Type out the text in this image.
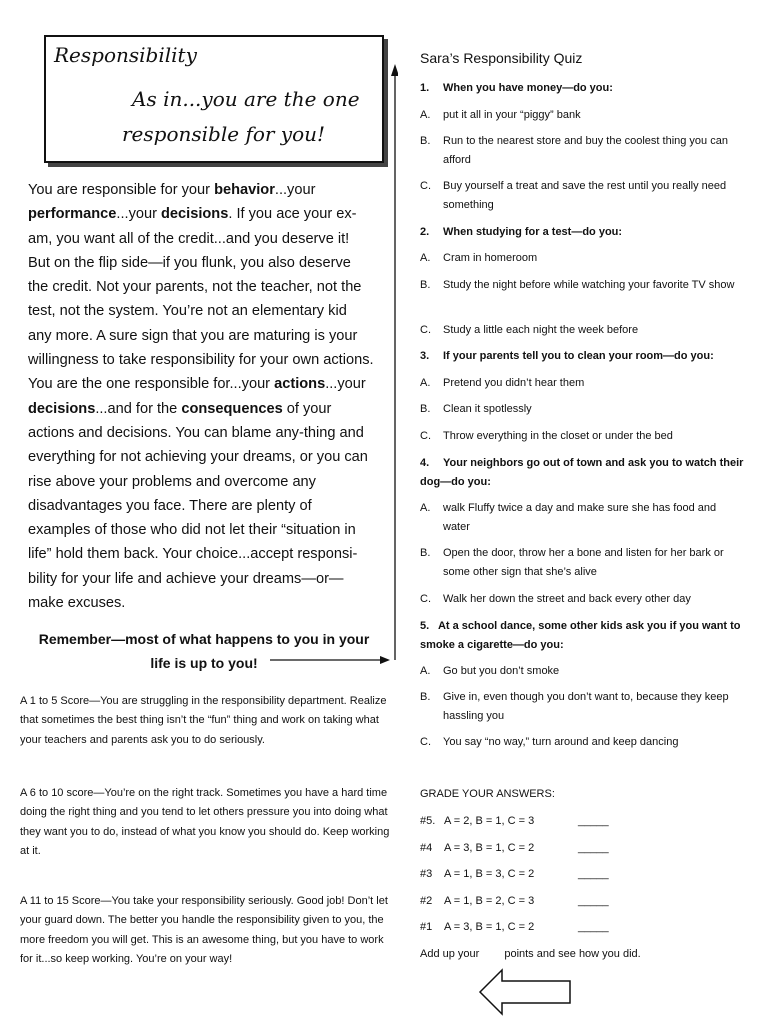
Responsibility
As in...you are the one
responsible for you!

You are responsible for your behavior...your performance...your decisions. If you ace your ex-am, you want all of the credit...and you deserve it! But on the flip side—if you flunk, you also deserve the credit. Not your parents, not the teacher, not the test, not the system. You’re not an elementary kid any more. A sure sign that you are maturing is your willingness to take responsibility for your own actions. You are the one responsible for...your actions...your decisions...and for the consequences of your actions and decisions. You can blame any-thing and everything for not achieving your dreams, or you can rise above your problems and overcome any disadvantages you face. There are plenty of examples of those who did not let their “situation in life” hold them back. Your choice...accept responsi-bility for your life and achieve your dreams—or—make excuses.

Remember—most of what happens to you in your life is up to you!

A 1 to 5 Score—You are struggling in the responsibility department. Realize that sometimes the best thing isn’t the “fun” thing and work on taking what your teachers and parents ask you to do seriously.

A 6 to 10 score—You’re on the right track. Sometimes you have a hard time doing the right thing and you tend to let others pressure you into doing what they want you to do, instead of what you know you should do. Keep working at it.

A 11 to 15 Score—You take your responsibility seriously. Good job! Don’t let your guard down. The better you handle the responsibility given to you, the more freedom you will get. This is an awesome thing, but you have to work for it...so keep working. You’re on your way!

Sara’s Responsibility Quiz

1. When you have money—do you:

A. put it all in your “piggy” bank

B. Run to the nearest store and buy the coolest thing you can afford

C. Buy yourself a treat and save the rest until you really need something

2. When studying for a test—do you:

A. Cram in homeroom

B. Study the night before while watching your favorite TV show

C. Study a little each night the week before

3. If your parents tell you to clean your room—do you:

A. Pretend you didn’t hear them

B. Clean it spotlessly

C. Throw everything in the closet or under the bed

4. Your neighbors go out of town and ask you to watch their dog—do you:

A. walk Fluffy twice a day and make sure she has food and water

B. Open the door, throw her a bone and listen for her bark or some other sign that she’s alive

C. Walk her down the street and back every other day

5. At a school dance, some other kids ask you if you want to smoke a cigarette—do you:

A. Go but you don’t smoke

B. Give in, even though you don’t want to, because they keep hassling you

C. You say “no way,” turn around and keep dancing

GRADE YOUR ANSWERS:
#5. A = 2, B = 1, C = 3	_____
#4 A = 3, B = 1, C = 2	_____
#3 A = 1, B = 3, C = 2	_____
#2 A = 1, B = 2, C = 3	_____
#1 A = 3, B = 1, C = 2	_____
Add up your points and see how you did.
